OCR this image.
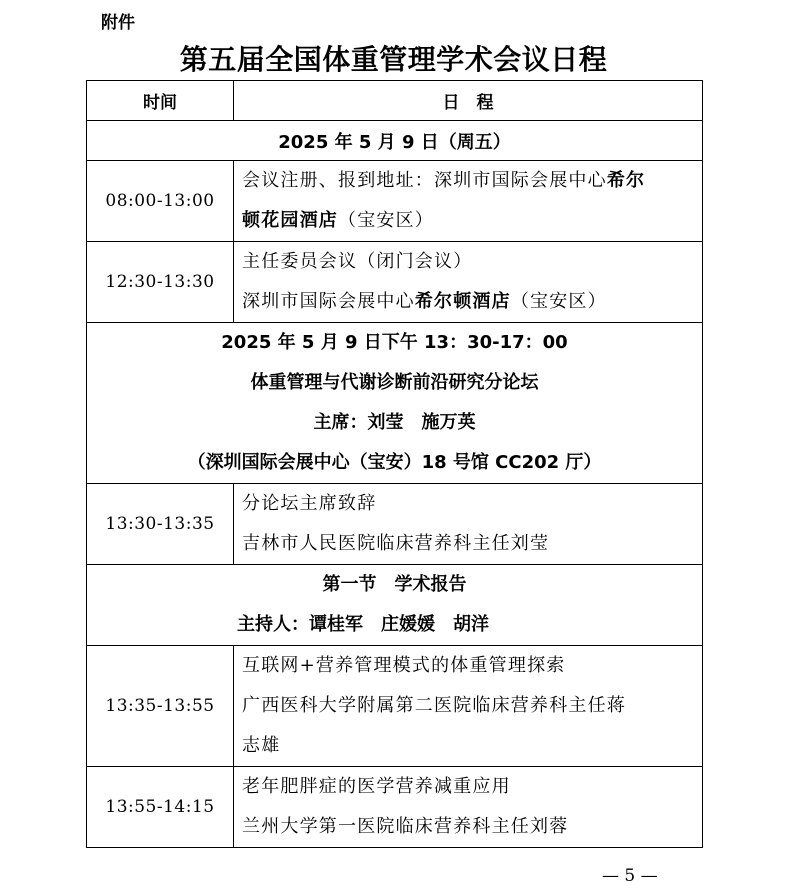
附件
第五届全国体重管理学术会议日程
时间	日　程
2025 年 5 月 9 日（周五）	
08:00-13:00	会议注册、报到地址：深圳市国际会展中心希尔
顿花园酒店（宝安区）

12:30-13:30	主任委员会议（闭门会议）
深圳市国际会展中心希尔顿酒店（宝安区）

2025 年 5 月 9 日下午 13：30-17：00
体重管理与代谢诊断前沿研究分论坛
主席：刘莹　施万英
（深圳国际会展中心（宝安）18 号馆 CC202 厅）	

13:30-13:35	分论坛主席致辞
吉林市人民医院临床营养科主任刘莹

第一节　学术报告
主持人：谭桂军　庄媛媛　胡洋	

13:35-13:55	互联网+营养管理模式的体重管理探索
广西医科大学附属第二医院临床营养科主任蒋
志雄

13:55-14:15	老年肥胖症的医学营养减重应用
兰州大学第一医院临床营养科主任刘蓉
— 5 —
